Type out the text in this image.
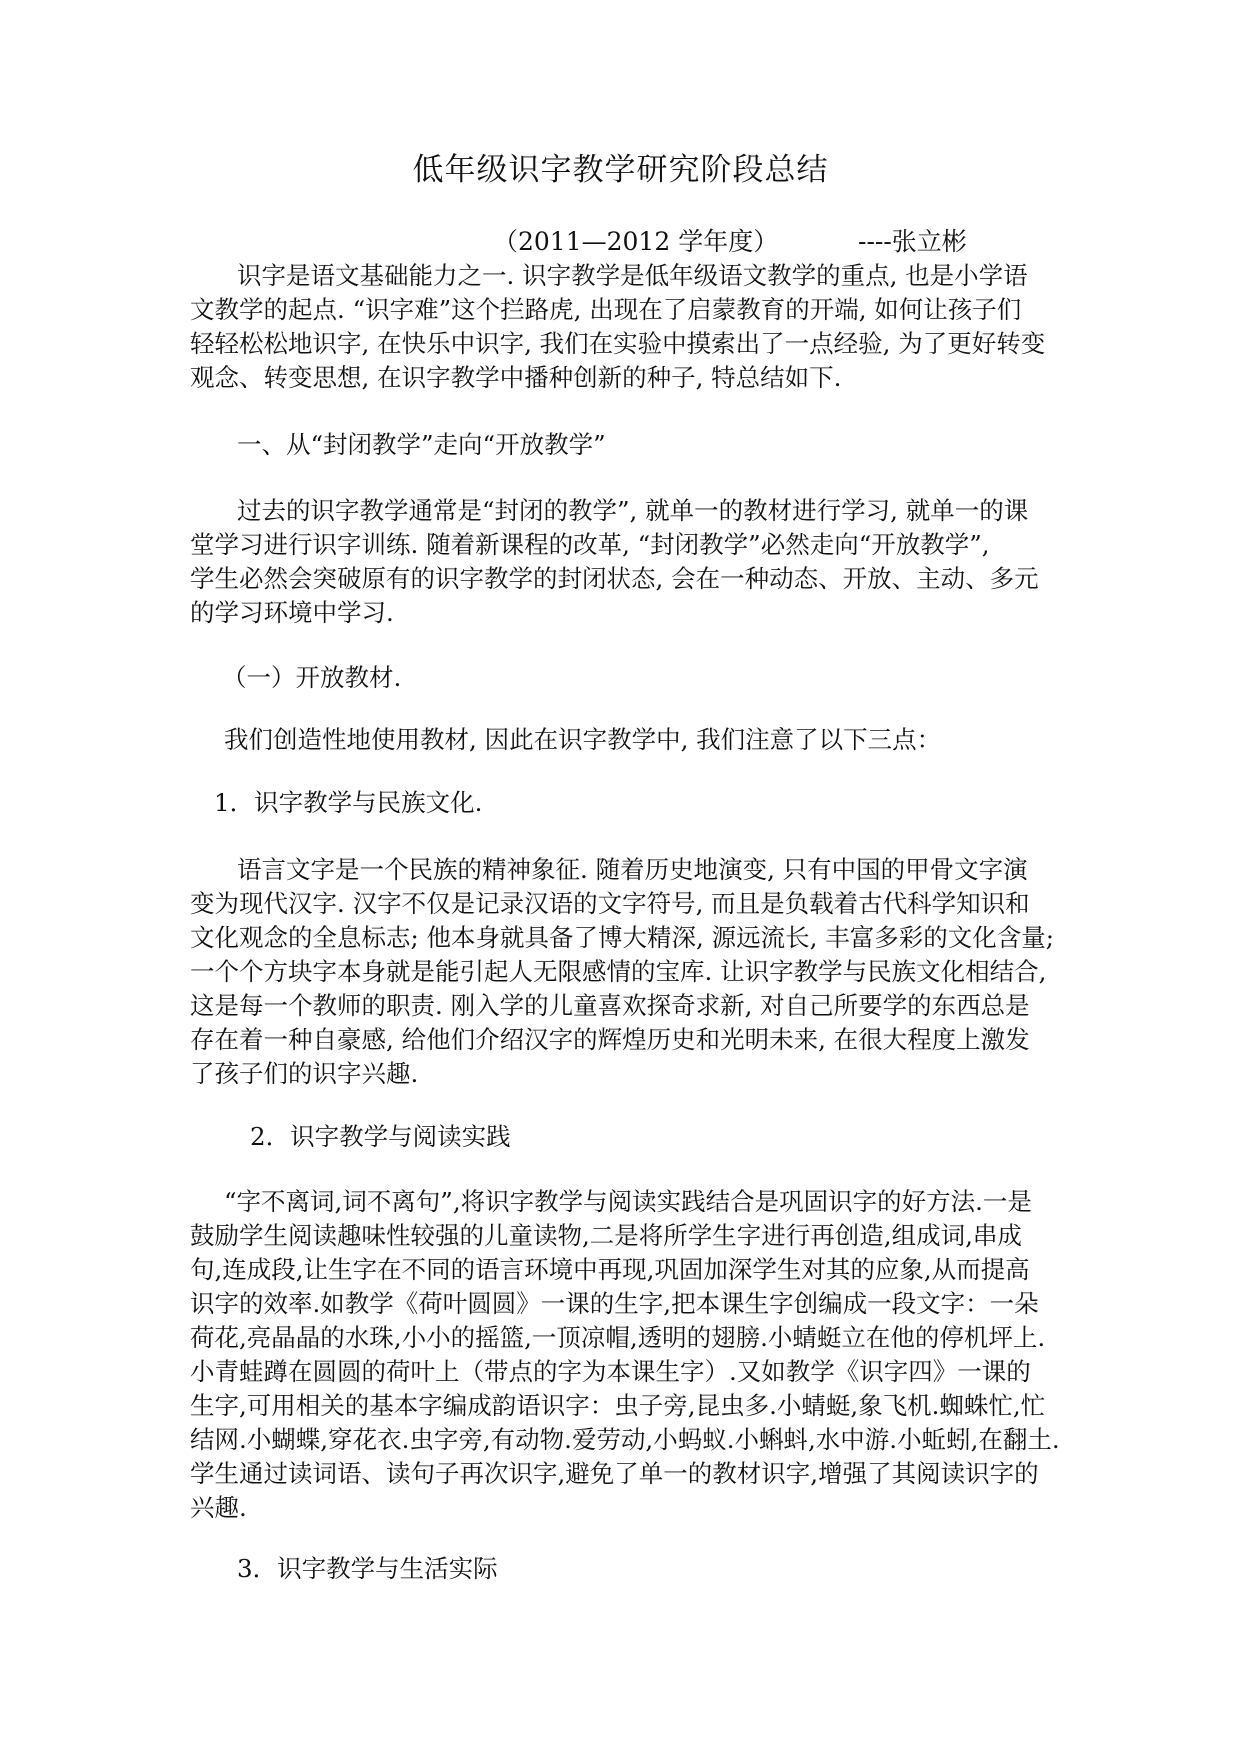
低年级识字教学研究阶段总结
（2011—2012 学年度）	----张立彬
识字是语文基础能力之一. 识字教学是低年级语文教学的重点, 也是小学语
文教学的起点. “识字难”这个拦路虎, 出现在了启蒙教育的开端, 如何让孩子们
轻轻松松地识字, 在快乐中识字, 我们在实验中摸索出了一点经验, 为了更好转变
观念、转变思想, 在识字教学中播种创新的种子, 特总结如下.
一、从“封闭教学”走向“开放教学”
过去的识字教学通常是“封闭的教学”, 就单一的教材进行学习, 就单一的课
堂学习进行识字训练. 随着新课程的改革, “封闭教学”必然走向“开放教学”,
学生必然会突破原有的识字教学的封闭状态, 会在一种动态、开放、主动、多元
的学习环境中学习.
（一）开放教材.
我们创造性地使用教材, 因此在识字教学中, 我们注意了以下三点：
1．识字教学与民族文化.
语言文字是一个民族的精神象征. 随着历史地演变, 只有中国的甲骨文字演
变为现代汉字. 汉字不仅是记录汉语的文字符号, 而且是负载着古代科学知识和
文化观念的全息标志; 他本身就具备了博大精深, 源远流长, 丰富多彩的文化含量;
一个个方块字本身就是能引起人无限感情的宝库. 让识字教学与民族文化相结合,
这是每一个教师的职责. 刚入学的儿童喜欢探奇求新, 对自己所要学的东西总是
存在着一种自豪感, 给他们介绍汉字的辉煌历史和光明未来, 在很大程度上激发
了孩子们的识字兴趣.
2．识字教学与阅读实践
“字不离词,词不离句”,将识字教学与阅读实践结合是巩固识字的好方法.一是
鼓励学生阅读趣味性较强的儿童读物,二是将所学生字进行再创造,组成词,串成
句,连成段,让生字在不同的语言环境中再现,巩固加深学生对其的应象,从而提高
识字的效率.如教学《荷叶圆圆》一课的生字,把本课生字创编成一段文字：一朵
荷花,亮晶晶的水珠,小小的摇篮,一顶凉帽,透明的翅膀.小蜻蜓立在他的停机坪上.
小青蛙蹲在圆圆的荷叶上（带点的字为本课生字）.又如教学《识字四》一课的
生字,可用相关的基本字编成韵语识字：虫子旁,昆虫多.小蜻蜓,象飞机.蜘蛛忙,忙
结网.小蝴蝶,穿花衣.虫字旁,有动物.爱劳动,小蚂蚁.小蝌蚪,水中游.小蚯蚓,在翻土.
学生通过读词语、读句子再次识字,避免了单一的教材识字,增强了其阅读识字的
兴趣.
3．识字教学与生活实际
